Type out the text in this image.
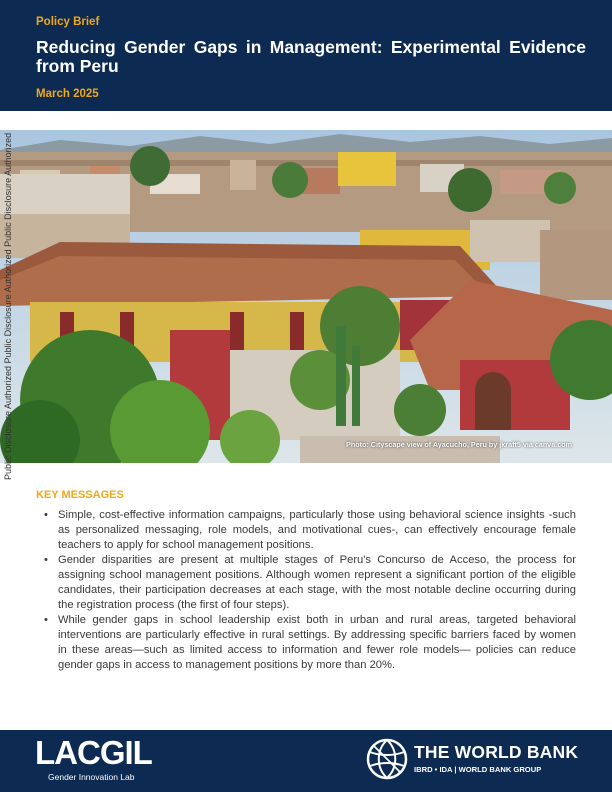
Policy Brief
Reducing Gender Gaps in Management: Experimental Evidence from Peru
March 2025
Photo: Cityscape view of Ayacucho, Peru by jkraft5 via canva.com
Public Disclosure Authorized Public Disclosure Authorized Public Disclosure Authorized
KEY MESSAGES
• Simple, cost-effective information campaigns, particularly those using behavioral science insights -such as personalized messaging, role models, and motivational cues-, can effectively encourage female teachers to apply for school management positions.
• Gender disparities are present at multiple stages of Peru's Concurso de Acceso, the process for assigning school management positions. Although women represent a significant portion of the eligible candidates, their participation decreases at each stage, with the most notable decline occurring during the registration process (the first of four steps).
• While gender gaps in school leadership exist both in urban and rural areas, targeted behavioral interventions are particularly effective in rural settings. By addressing specific barriers faced by women in these areas—such as limited access to information and fewer role models— policies can reduce gender gaps in access to management positions by more than 20%.
LACGIL
Gender Innovation Lab
THE WORLD BANK
IBRD • IDA | WORLD BANK GROUP
